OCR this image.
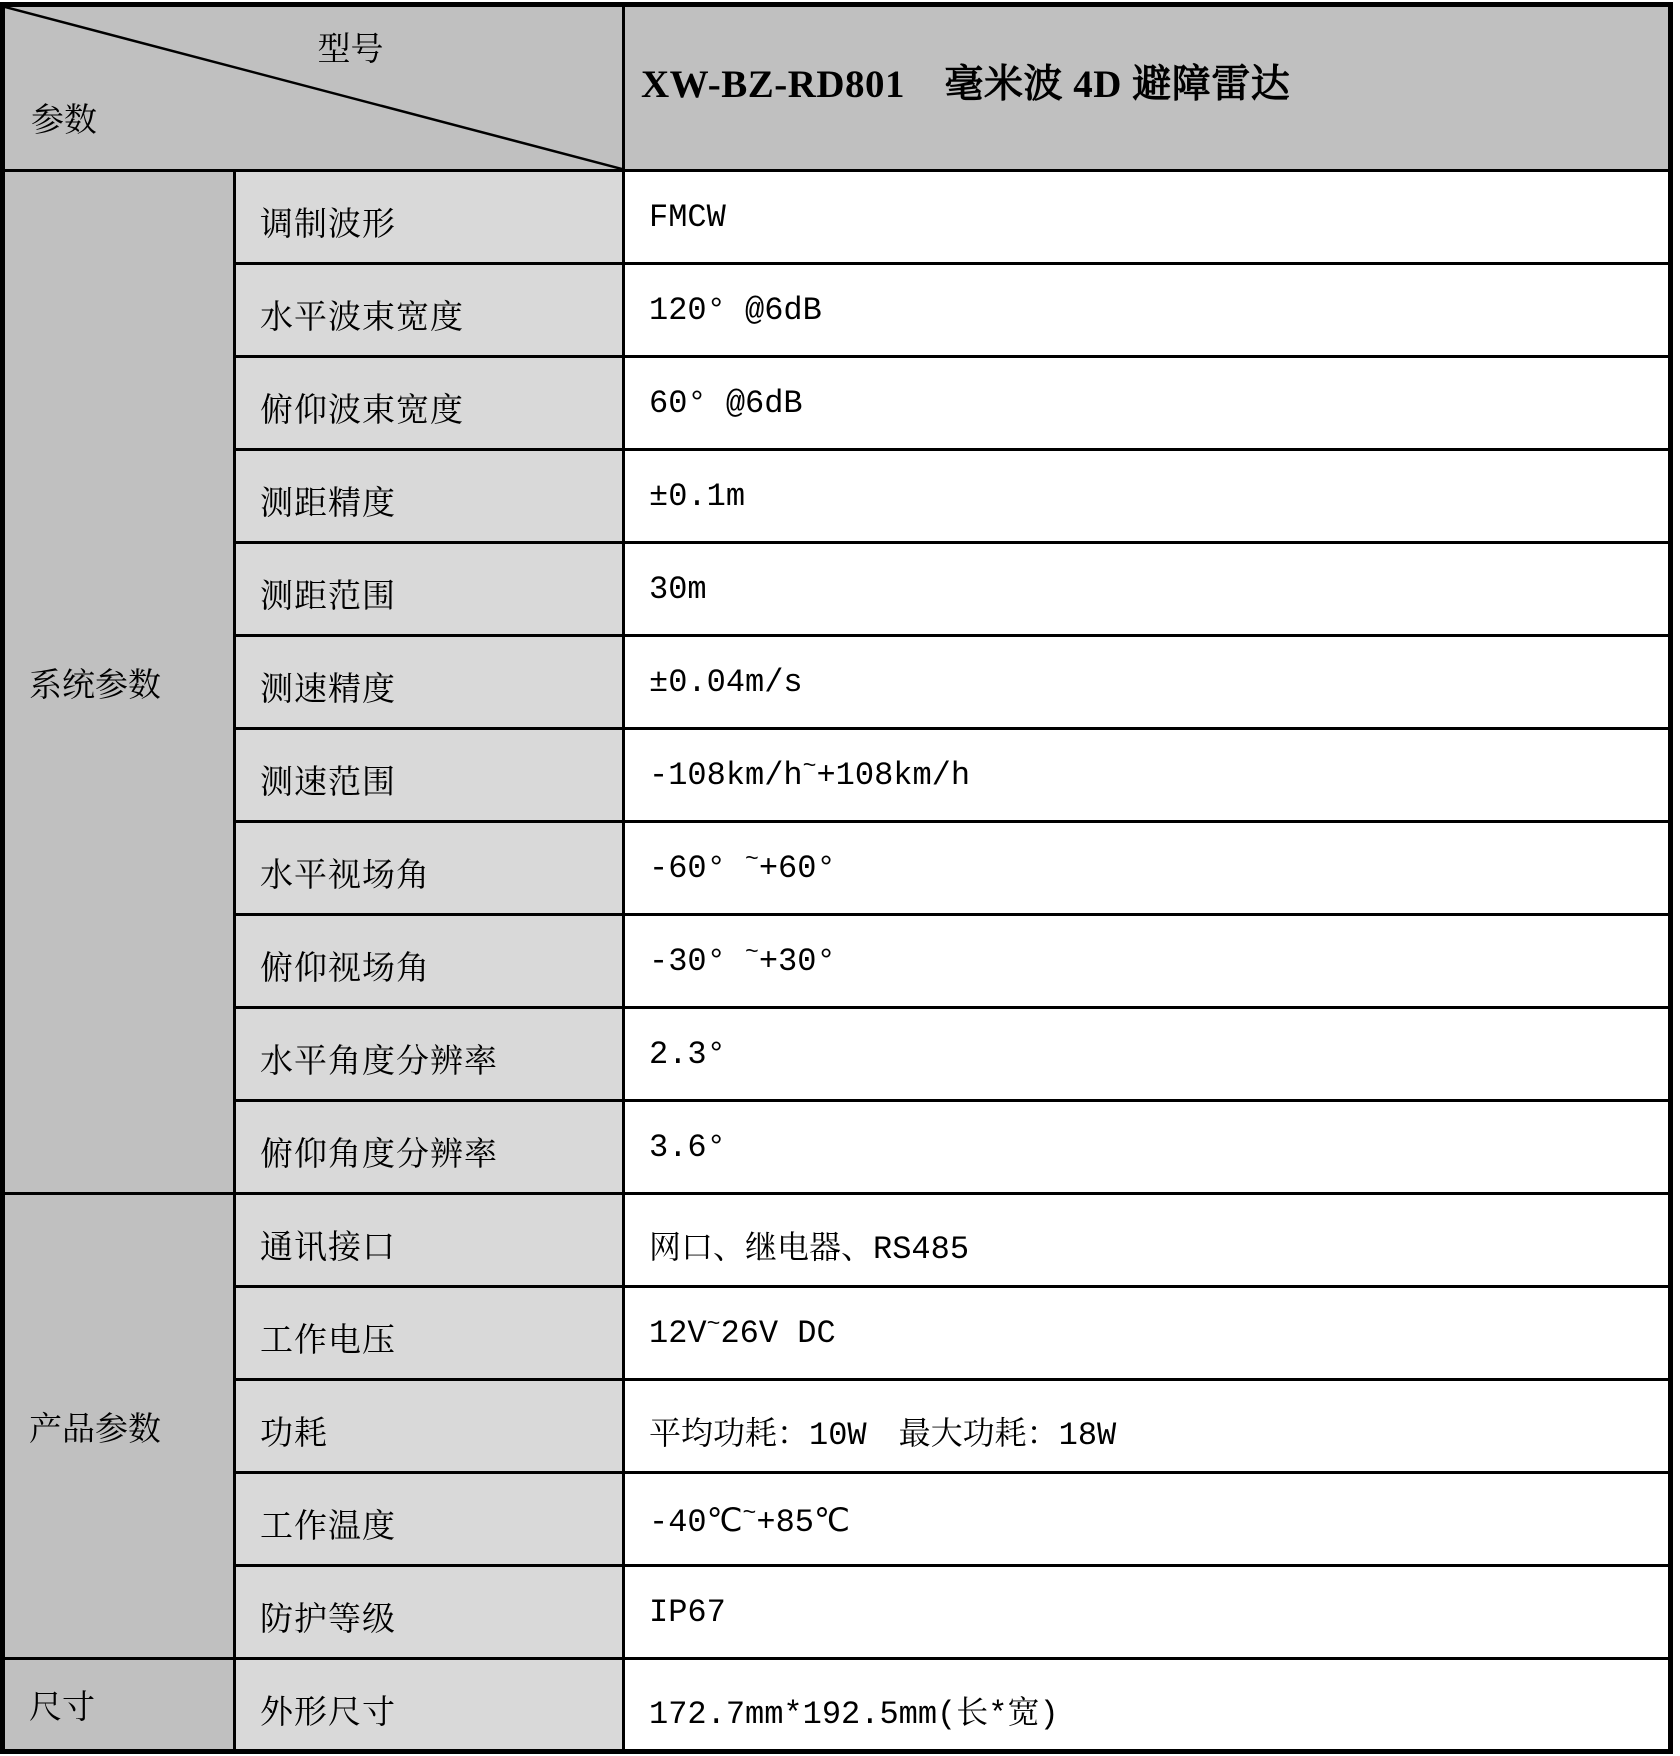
型号
参数		XW-BZ-RD801　毫米波 4D 避障雷达
系统参数	调制波形	FMCW
	水平波束宽度	120° @6dB
	俯仰波束宽度	60° @6dB
	测距精度	±0.1m
	测距范围	30m
	测速精度	±0.04m/s
	测速范围	-108km/h~+108km/h
	水平视场角	-60° ~+60°
	俯仰视场角	-30° ~+30°
	水平角度分辨率	2.3°
	俯仰角度分辨率	3.6°
产品参数	通讯接口	网口、继电器、RS485
	工作电压	12V~26V DC
	功耗	平均功耗：10W　最大功耗：18W
	工作温度	-40℃~+85℃
	防护等级	IP67
尺寸	外形尺寸	172.7mm*192.5mm(长*宽)
